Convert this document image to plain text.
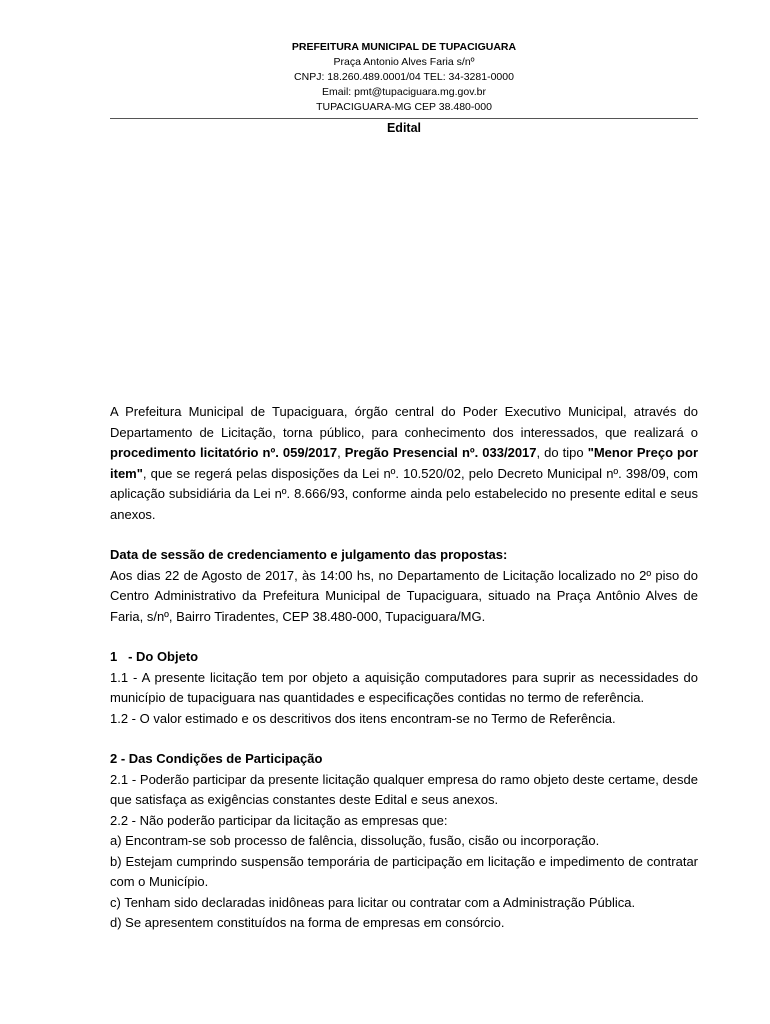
PREFEITURA MUNICIPAL DE TUPACIGUARA
Praça Antonio Alves Faria s/nº
CNPJ: 18.260.489.0001/04 TEL: 34-3281-0000
Email: pmt@tupaciguara.mg.gov.br
TUPACIGUARA-MG CEP 38.480-000
Edital

A Prefeitura Municipal de Tupaciguara, órgão central do Poder Executivo Municipal, através do Departamento de Licitação, torna público, para conhecimento dos interessados, que realizará o procedimento licitatório nº. 059/2017, Pregão Presencial nº. 033/2017, do tipo "Menor Preço por item", que se regerá pelas disposições da Lei nº. 10.520/02, pelo Decreto Municipal nº. 398/09, com aplicação subsidiária da Lei nº. 8.666/93, conforme ainda pelo estabelecido no presente edital e seus anexos.

Data de sessão de credenciamento e julgamento das propostas:

Aos dias 22 de Agosto de 2017, às 14:00 hs, no Departamento de Licitação localizado no 2º piso do Centro Administrativo da Prefeitura Municipal de Tupaciguara, situado na Praça Antônio Alves de Faria, s/nº, Bairro Tiradentes, CEP 38.480-000, Tupaciguara/MG.

1   - Do Objeto

1.1 - A presente licitação tem por objeto a aquisição computadores para suprir as necessidades do município de tupaciguara nas quantidades e especificações contidas no termo de referência.

1.2 - O valor estimado e os descritivos dos itens encontram-se no Termo de Referência.

2 - Das Condições de Participação

2.1 - Poderão participar da presente licitação qualquer empresa do ramo objeto deste certame, desde que satisfaça as exigências constantes deste Edital e seus anexos.

2.2 - Não poderão participar da licitação as empresas que:

a) Encontram-se sob processo de falência, dissolução, fusão, cisão ou incorporação.

b) Estejam cumprindo suspensão temporária de participação em licitação e impedimento de contratar com o Município.

c) Tenham sido declaradas inidôneas para licitar ou contratar com a Administração Pública.

d) Se apresentem constituídos na forma de empresas em consórcio.
